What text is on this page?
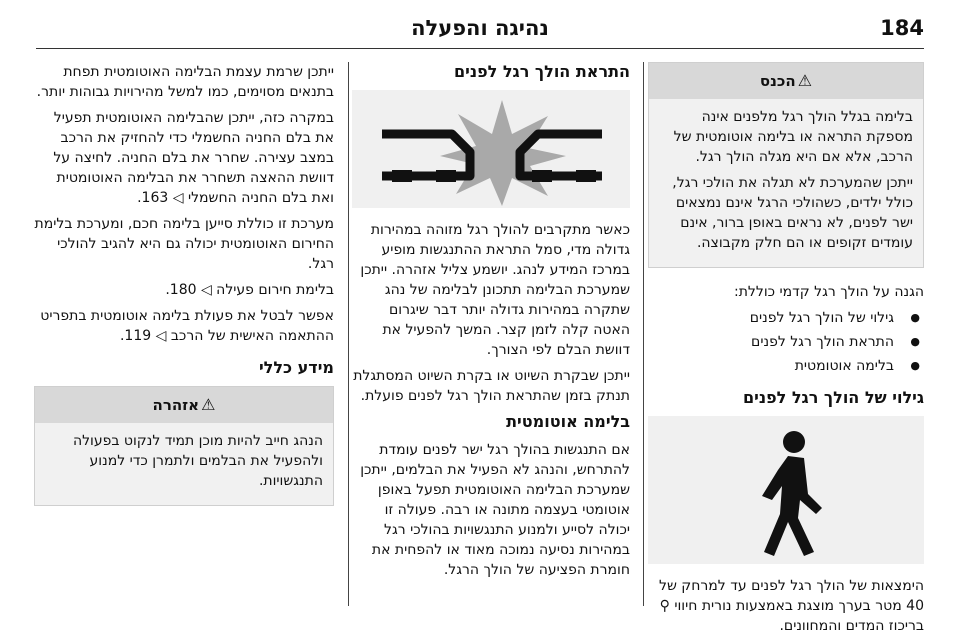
184
נהיגה והפעלה
⚠הכנס

בלימה בגלל הולך רגל מלפנים אינה מספקת התראה או בלימה אוטומטית של הרכב, אלא אם היא מגלה הולך רגל.

ייתכן שהמערכת לא תגלה את הולכי רגל, כולל ילדים, כשהולכי הרגל אינם נמצאים ישר לפנים, לא נראים באופן ברור, אינם עומדים זקופים או הם חלק מקבוצה.

הגנה על הולך רגל קדמי כוללת:

● גילוי של הולך רגל לפנים
● התראת הולך רגל לפנים
● בלימה אוטומטית
גילוי של הולך רגל לפנים

הימצאות של הולך רגל לפנים עד למרחק של 40 מטר בערך מוצגת באמצעות נורית חיווי ⚲ בריכוז המדים והמחוונים.

התראת הולך רגל לפנים

כאשר מתקרבים להולך רגל מזוהה במהירות גדולה מדי, סמל התראת ההתנגשות מופיע במרכז המידע לנהג. יושמע צליל אזהרה. ייתכן שמערכת הבלימה תתכונן לבלימה של נהג שתקרה במהירות גדולה יותר דבר שיגרום האטה קלה לזמן קצר. המשך להפעיל את דוושת הבלם לפי הצורך.

ייתכן שבקרת השיוט או בקרת השיוט המסתגלת תנתק בזמן שהתראת הולך רגל לפנים פועלת.

בלימה אוטומטית

אם התנגשות בהולך רגל ישר לפנים עומדת להתרחש, והנהג לא הפעיל את הבלמים, ייתכן שמערכת הבלימה האוטומטית תפעל באופן אוטומטי בעצמה מתונה או רבה. פעולה זו יכולה לסייע ולמנוע התנגשויות בהולכי רגל במהירות נסיעה נמוכה מאוד או להפחית את חומרת הפציעה של הולך הרגל.

ייתכן שרמת עצמת הבלימה האוטומטית תפחת בתנאים מסוימים, כמו למשל מהירויות גבוהות יותר.

במקרה כזה, ייתכן שהבלימה האוטומטית תפעיל את בלם החניה החשמלי כדי להחזיק את הרכב במצב עצירה. שחרר את בלם החניה. לחיצה על דוושת ההאצה תשחרר את הבלימה האוטומטית ואת בלם החניה החשמלי ◁ 163.

מערכת זו כוללת סייען בלימה חכם, ומערכת בלימת החירום האוטומטית יכולה גם היא להגיב להולכי רגל.

בלימת חירום פעילה ◁ 180.

אפשר לבטל את פעולת בלימה אוטומטית בתפריט ההתאמה האישית של הרכב ◁ 119.

מידע כללי
⚠אזהרה

הנהג חייב להיות מוכן תמיד לנקוט בפעולה ולהפעיל את הבלמים ולתמרן כדי למנוע התנגשויות.
